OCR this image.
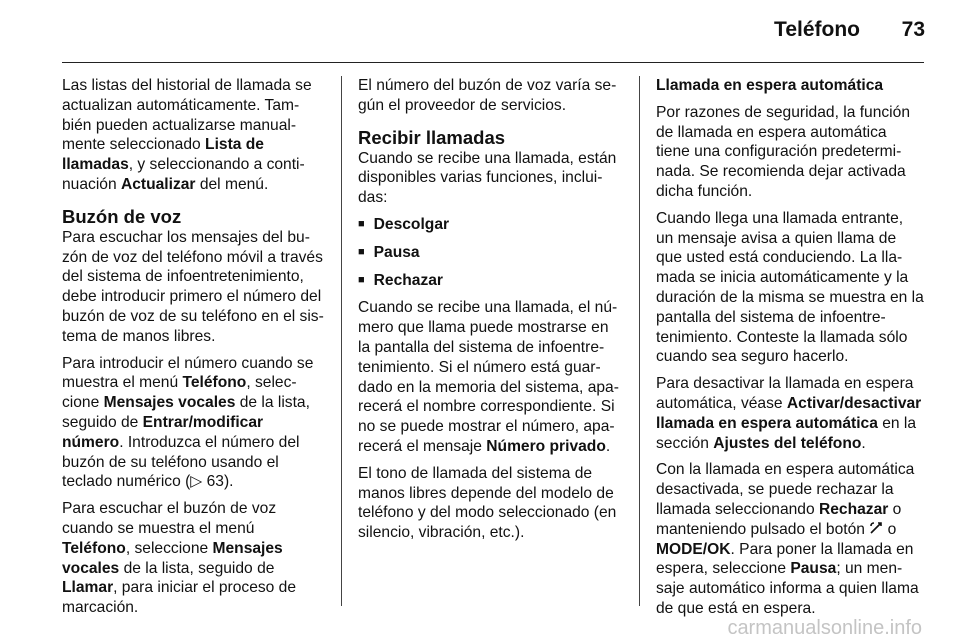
Teléfono	73

Las listas del historial de llamada se actualizan automáticamente. Tam-bién pueden actualizarse manual-mente seleccionado Lista de llamadas, y seleccionando a conti-nuación Actualizar del menú.

Buzón de voz

Para escuchar los mensajes del bu-zón de voz del teléfono móvil a través del sistema de infoentretenimiento, debe introducir primero el número del buzón de voz de su teléfono en el sis-tema de manos libres.

Para introducir el número cuando se muestra el menú Teléfono, selec-cione Mensajes vocales de la lista, seguido de Entrar/modificar número. Introduzca el número del buzón de su teléfono usando el teclado numérico (▷ 63).

Para escuchar el buzón de voz cuando se muestra el menú Teléfono, seleccione Mensajes vocales de la lista, seguido de Llamar, para iniciar el proceso de marcación.

El número del buzón de voz varía se-gún el proveedor de servicios.

Recibir llamadas

Cuando se recibe una llamada, están disponibles varias funciones, inclui-das:

■ Descolgar
■ Pausa
■ Rechazar

Cuando se recibe una llamada, el nú-mero que llama puede mostrarse en la pantalla del sistema de infoentre-tenimiento. Si el número está guar-dado en la memoria del sistema, apa-recerá el nombre correspondiente. Si no se puede mostrar el número, apa-recerá el mensaje Número privado.

El tono de llamada del sistema de manos libres depende del modelo de teléfono y del modo seleccionado (en silencio, vibración, etc.).

Llamada en espera automática

Por razones de seguridad, la función de llamada en espera automática tiene una configuración predetermi-nada. Se recomienda dejar activada dicha función.

Cuando llega una llamada entrante, un mensaje avisa a quien llama de que usted está conduciendo. La lla-mada se inicia automáticamente y la duración de la misma se muestra en la pantalla del sistema de infoentre-tenimiento. Conteste la llamada sólo cuando sea seguro hacerlo.

Para desactivar la llamada en espera automática, véase Activar/desactivar llamada en espera automática en la sección Ajustes del teléfono.

Con la llamada en espera automática desactivada, se puede rechazar la llamada seleccionando Rechazar o manteniendo pulsado el botón  o MODE/OK. Para poner la llamada en espera, seleccione Pausa; un men-saje automático informa a quien llama de que está en espera.

carmanualsonline.info
